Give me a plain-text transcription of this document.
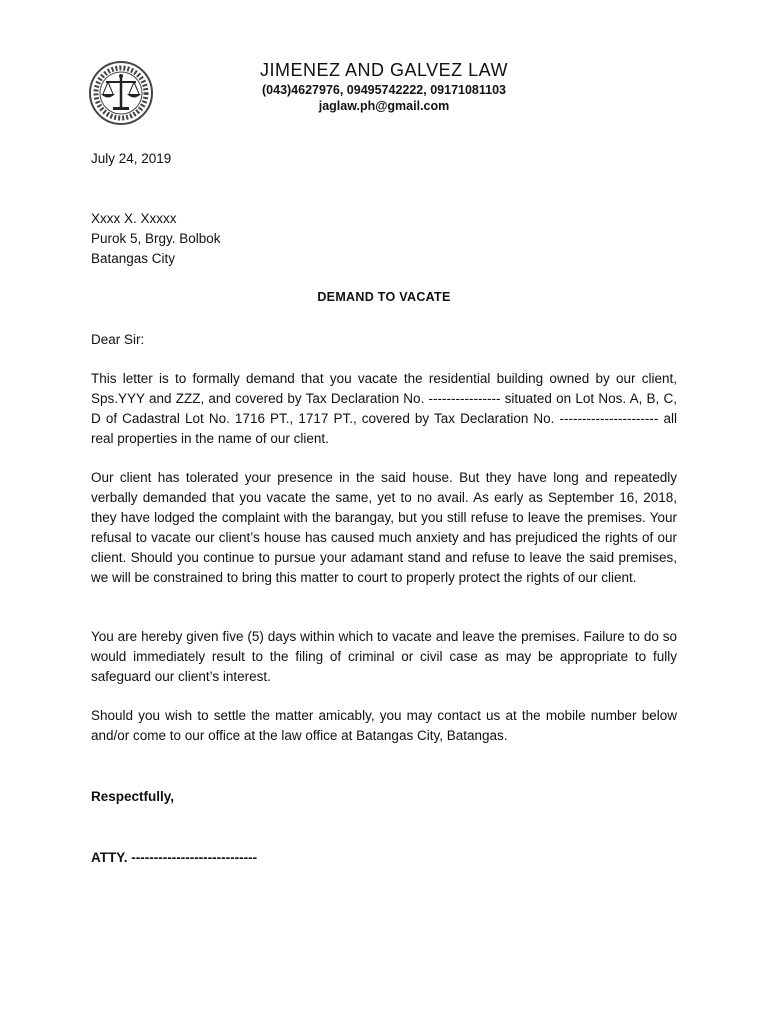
JIMENEZ AND GALVEZ LAW
(043)4627976, 09495742222, 09171081103
jaglaw.ph@gmail.com
July 24, 2019
Xxxx X. Xxxxx
Purok 5, Brgy. Bolbok
Batangas City
DEMAND TO VACATE
Dear Sir:
This letter is to formally demand that you vacate the residential building owned by our client, Sps.YYY and ZZZ, and covered by Tax Declaration No. ---------------- situated on Lot Nos. A, B, C, D of Cadastral Lot No. 1716 PT., 1717 PT., covered by Tax Declaration No. ---------------------- all real properties in the name of our client.
Our client has tolerated your presence in the said house. But they have long and repeatedly verbally demanded that you vacate the same, yet to no avail. As early as September 16, 2018, they have lodged the complaint with the barangay, but you still refuse to leave the premises. Your refusal to vacate our client’s house has caused much anxiety and has prejudiced the rights of our client. Should you continue to pursue your adamant stand and refuse to leave the said premises, we will be constrained to bring this matter to court to properly protect the rights of our client.
You are hereby given five (5) days within which to vacate and leave the premises. Failure to do so would immediately result to the filing of criminal or civil case as may be appropriate to fully safeguard our client’s interest.
Should you wish to settle the matter amicably, you may contact us at the mobile number below and/or come to our office at the law office at Batangas City, Batangas.
Respectfully,
ATTY. ----------------------------
